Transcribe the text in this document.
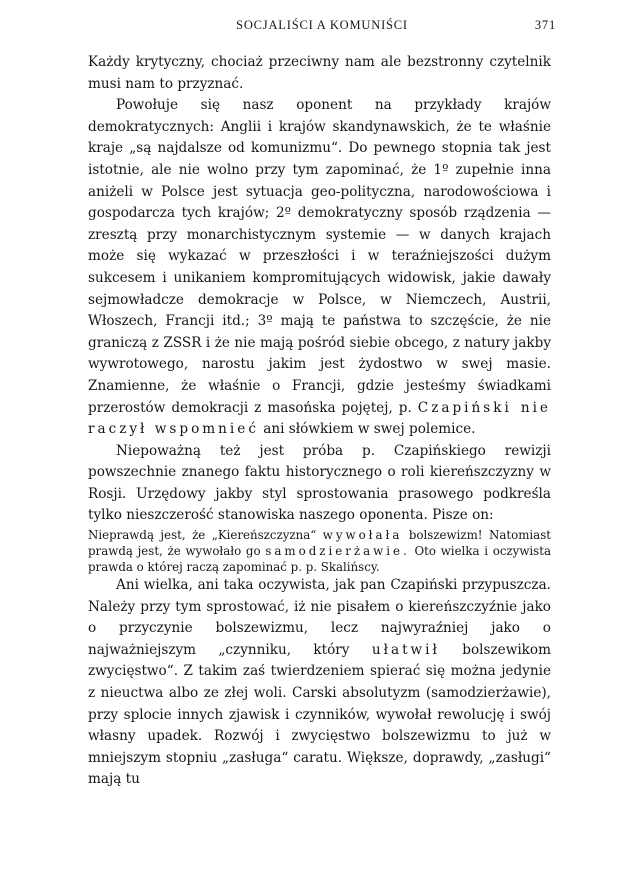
SOCJALIŚCI A KOMUNIŚCI	371

Każdy krytyczny, chociaż przeciwny nam ale bezstronny czytelnik musi nam to przyznać.

Powołuje się nasz oponent na przykłady krajów demokratycznych: Anglii i krajów skandynawskich, że te właśnie kraje „są najdalsze od komunizmu“. Do pewnego stopnia tak jest istotnie, ale nie wolno przy tym zapominać, że 1º zupełnie inna aniżeli w Polsce jest sytuacja geo-polityczna, narodowościowa i gospodarcza tych krajów; 2º demokratyczny sposób rządzenia — zresztą przy monarchistycznym systemie — w danych krajach może się wykazać w przeszłości i w teraźniejszości dużym sukcesem i unikaniem kompromitujących widowisk, jakie dawały sejmowładcze demokracje w Polsce, w Niemczech, Austrii, Włoszech, Francji itd.; 3º mają te państwa to szczęście, że nie graniczą z ZSSR i że nie mają pośród siebie obcego, z natury jakby wywrotowego, narostu jakim jest żydostwo w swej masie. Znamienne, że właśnie o Francji, gdzie jesteśmy świadkami przerostów demokracji z masońska pojętej, p. Czapiński nie raczył wspomnieć ani słówkiem w swej polemice.

Niepoważną też jest próba p. Czapińskiego rewizji powszechnie znanego faktu historycznego o roli kiereńszczyzny w Rosji. Urzędowy jakby styl sprostowania prasowego podkreśla tylko nieszczerość stanowiska naszego oponenta. Pisze on:

Nieprawdą jest, że „Kiereńszczyzna“ wywołała bolszewizm! Natomiast prawdą jest, że wywołało go samodzierżawie. Oto wielka i oczywista prawda o której raczą zapominać p. p. Skalińscy.

Ani wielka, ani taka oczywista, jak pan Czapiński przypuszcza. Należy przy tym sprostować, iż nie pisałem o kiereńszczyźnie jako o przyczynie bolszewizmu, lecz najwyraźniej jako o najważniejszym „czynniku, który ułatwił bolszewikom zwycięstwo“. Z takim zaś twierdzeniem spierać się można jedynie z nieuctwa albo ze złej woli. Carski absolutyzm (samodzierżawie), przy splocie innych zjawisk i czynników, wywołał rewolucję i swój własny upadek. Rozwój i zwycięstwo bolszewizmu to już w mniejszym stopniu „zasługa“ caratu. Większe, doprawdy, „zasługi“ mają tu
